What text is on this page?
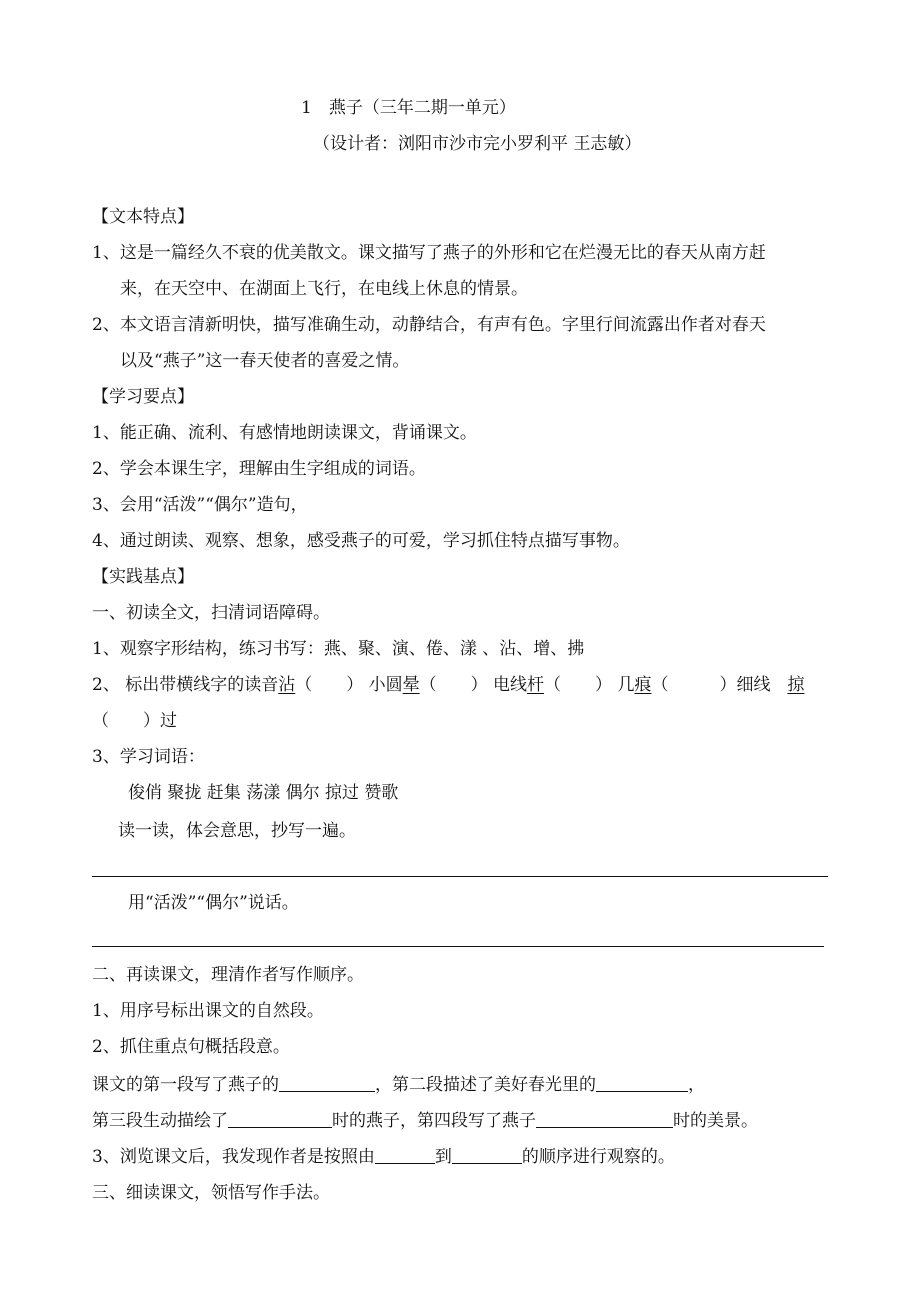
1　燕子（三年二期一单元）
（设计者：浏阳市沙市完小罗利平 王志敏）
【文本特点】
1、这是一篇经久不衰的优美散文。课文描写了燕子的外形和它在烂漫无比的春天从南方赶
来，在天空中、在湖面上飞行，在电线上休息的情景。
2、本文语言清新明快，描写准确生动，动静结合，有声有色。字里行间流露出作者对春天
以及“燕子”这一春天使者的喜爱之情。
【学习要点】
1、能正确、流利、有感情地朗读课文，背诵课文。
2、学会本课生字，理解由生字组成的词语。
3、会用“活泼”“偶尔”造句，
4、通过朗读、观察、想象，感受燕子的可爱，学习抓住特点描写事物。
【实践基点】
一、初读全文，扫清词语障碍。
1、观察字形结构，练习书写：燕、聚、演、倦、漾 、沾、增、拂
2、 标出带横线字的读音沾（　　） 小圆晕（　　） 电线杆（　　） 几痕（　　　）细线　掠
（　　）过
3、学习词语：
俊俏 聚拢 赶集 荡漾 偶尔 掠过 赞歌
读一读，体会意思，抄写一遍。
用“活泼”“偶尔”说话。
二、再读课文，理清作者写作顺序。
1、用序号标出课文的自然段。
2、抓住重点句概括段意。
课文的第一段写了燕子的	，第二段描述了美好春光里的	，
第三段生动描绘了	时的燕子，第四段写了燕子	时的美景。
3、浏览课文后，我发现作者是按照由	到	的顺序进行观察的。
三、细读课文，领悟写作手法。
